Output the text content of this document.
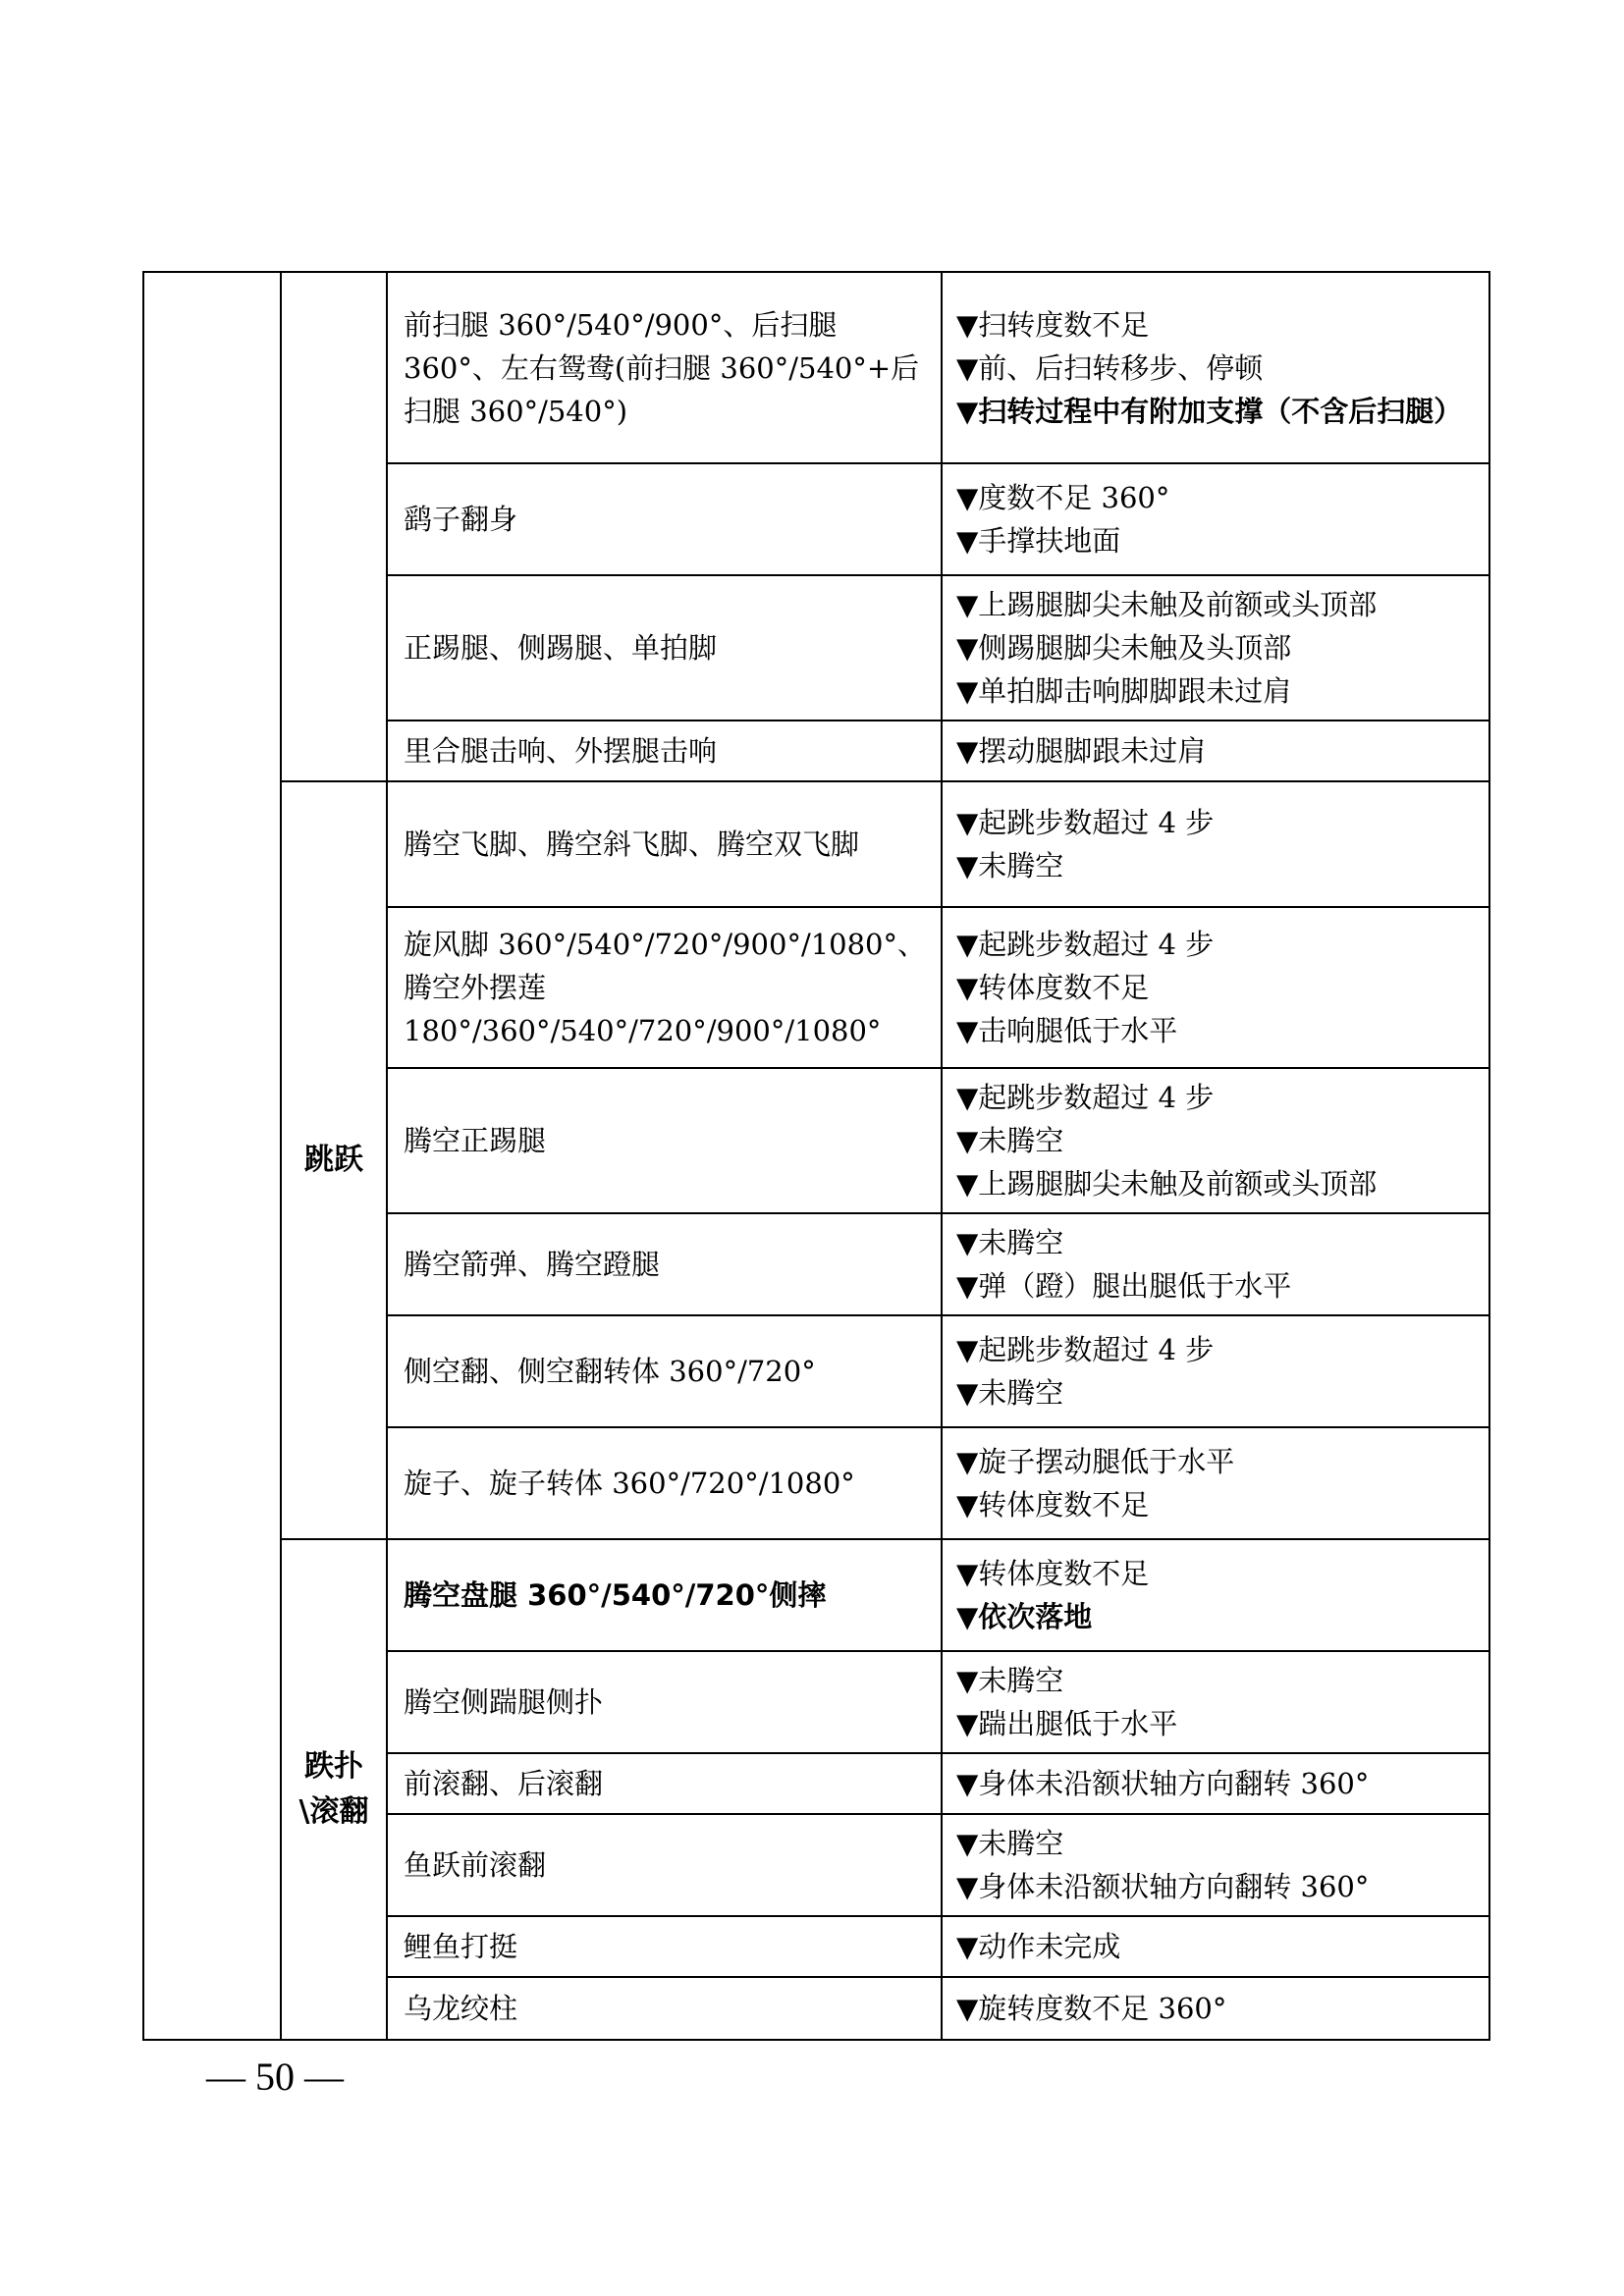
		前扫腿 360°/540°/900°、后扫腿 360°、左右鸳鸯(前扫腿 360°/540°+后扫腿 360°/540°)	▼扫转度数不足
▼前、后扫转移步、停顿
▼扫转过程中有附加支撑（不含后扫腿）

		鹞子翻身	▼度数不足 360°
▼手撑扶地面

		正踢腿、侧踢腿、单拍脚	▼上踢腿脚尖未触及前额或头顶部
▼侧踢腿脚尖未触及头顶部
▼单拍脚击响脚脚跟未过肩

		里合腿击响、外摆腿击响	▼摆动腿脚跟未过肩

	跳跃	腾空飞脚、腾空斜飞脚、腾空双飞脚	▼起跳步数超过 4 步
▼未腾空

		旋风脚 360°/540°/720°/900°/1080°、腾空外摆莲 180°/360°/540°/720°/900°/1080°	▼起跳步数超过 4 步
▼转体度数不足
▼击响腿低于水平

		腾空正踢腿	▼起跳步数超过 4 步
▼未腾空
▼上踢腿脚尖未触及前额或头顶部

		腾空箭弹、腾空蹬腿	▼未腾空
▼弹（蹬）腿出腿低于水平

		侧空翻、侧空翻转体 360°/720°	▼起跳步数超过 4 步
▼未腾空

		旋子、旋子转体 360°/720°/1080°	▼旋子摆动腿低于水平
▼转体度数不足

	跌扑\滚翻	腾空盘腿 360°/540°/720°侧摔	▼转体度数不足
▼依次落地

		腾空侧踹腿侧扑	▼未腾空
▼踹出腿低于水平

		前滚翻、后滚翻	▼身体未沿额状轴方向翻转 360°

		鱼跃前滚翻	▼未腾空
▼身体未沿额状轴方向翻转 360°

		鲤鱼打挺	▼动作未完成

		乌龙绞柱	▼旋转度数不足 360°
— 50 —
